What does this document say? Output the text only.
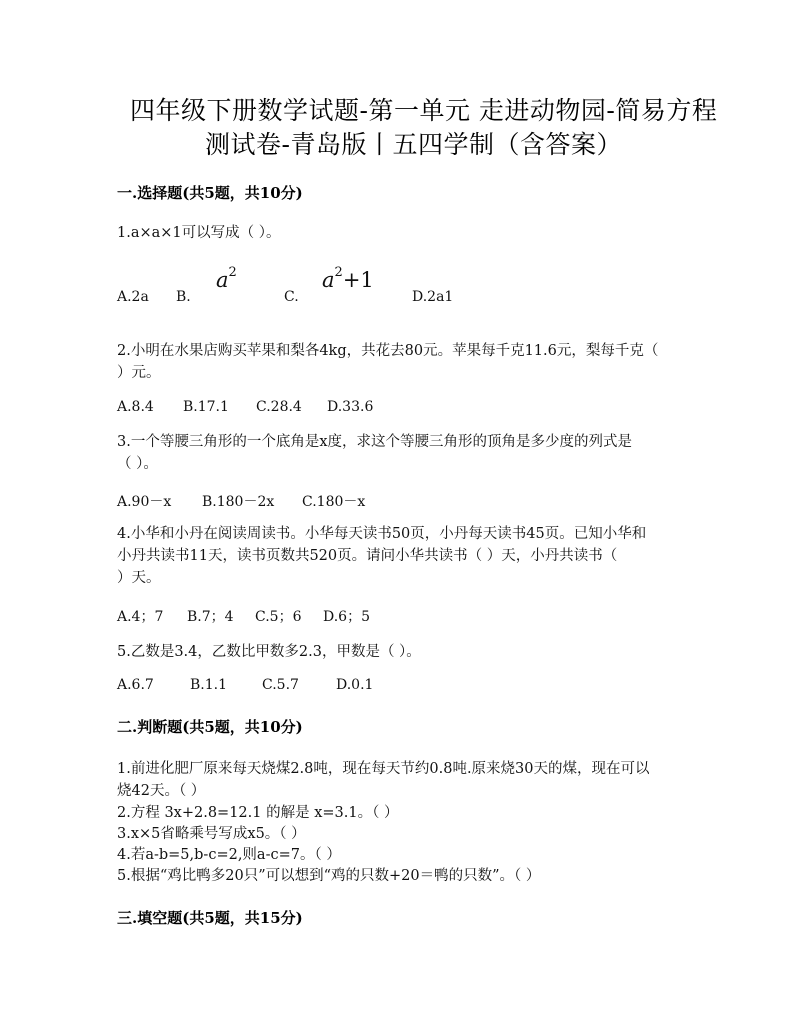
四年级下册数学试题-第一单元 走进动物园-简易方程
测试卷-青岛版丨五四学制（含答案）
一.选择题(共5题，共10分)
1.a×a×1可以写成（ ）。
A.2a B.
$a^2$
C.
$a^2+1$
D.2a1
2.小明在水果店购买苹果和梨各4kg，共花去80元。苹果每千克11.6元，梨每千克（
）元。
A.8.4 B.17.1 C.28.4 D.33.6
3.一个等腰三角形的一个底角是x度，求这个等腰三角形的顶角是多少度的列式是
（ ）。
A.90－x B.180－2x C.180－x
4.小华和小丹在阅读周读书。小华每天读书50页，小丹每天读书45页。已知小华和
小丹共读书11天，读书页数共520页。请问小华共读书（ ）天，小丹共读书（
）天。
A.4；7 B.7；4 C.5；6 D.6；5
5.乙数是3.4，乙数比甲数多2.3，甲数是（ ）。
A.6.7	B.1.1 C.5.7	D.0.1
二.判断题(共5题，共10分)
1.前进化肥厂原来每天烧煤2.8吨，现在每天节约0.8吨.原来烧30天的煤，现在可以
烧42天。（ ）
2.方程 3x+2.8=12.1 的解是 x=3.1。（ ）
3.x×5省略乘号写成x5。（ ）
4.若a-b=5,b-c=2,则a-c=7。（ ）
5.根据“鸡比鸭多20只”可以想到“鸡的只数+20＝鸭的只数”。（ ）
三.填空题(共5题，共15分)
